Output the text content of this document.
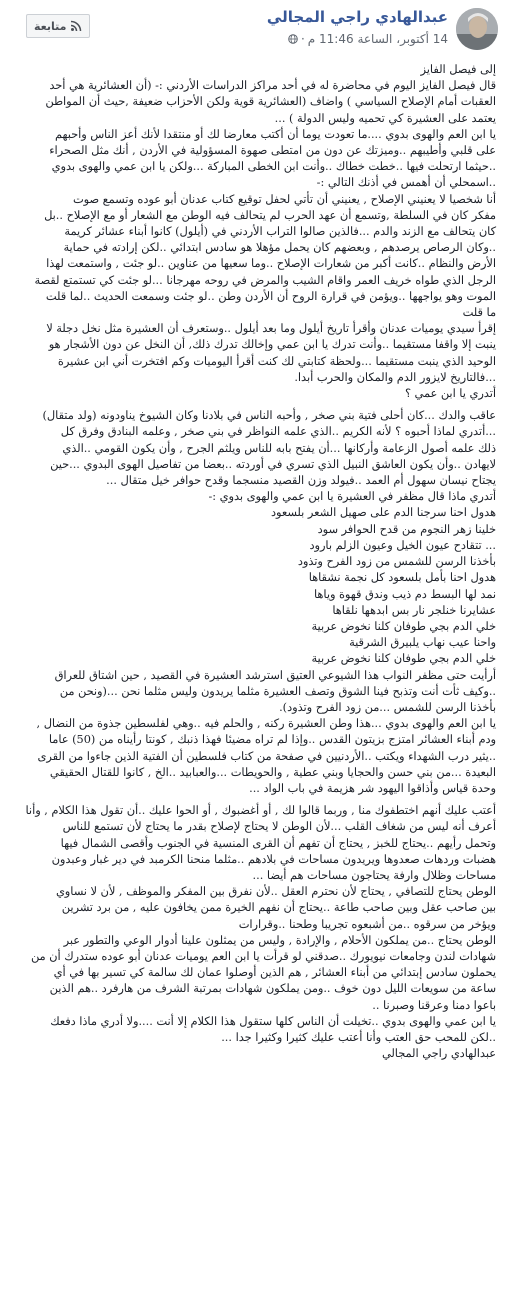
عبدالهادي راجي المجالي
14 أكتوبر، الساعة 11:46 م
·
متابعة

إلى فيصل الفايز

قال فيصل الفايز اليوم في محاضرة له في أحد مراكز الدراسات الأردني :- (أن العشائرية هي أحد

العقبات أمام الإصلاح السياسي ) واضاف (العشائرية قوية ولكن الأحزاب ضعيفة ,حيث أن المواطن

يعتمد على العشيرة كي تحميه وليس الدولة ) ...

يا ابن العم والهوى بدوي ....ما تعودت يوما أن أكتب معارضا لك أو منتقدا لأنك أعز الناس وأحبهم

على قلبي وأطيبهم ..وميزتك عن دون من امتطى صهوة المسؤولية في الأردن , أنك مثل الصحراء

..حيثما ارتحلت فيها ..خطت خطاك ..وأنت ابن الخطى المباركة ...ولكن يا ابن عمي والهوى بدوي

..اسمحلي أن أهمس في أذنك التالي :-

أنا شخصيا لا يعنيني الإصلاح , يعنيني أن تأتي لحفل توقيع كتاب عدنان أبو عوده وتسمع صوت

مفكر كان في السلطة ,وتسمع أن عهد الحرب لم يتحالف فيه الوطن مع الشعار أو مع الإصلاح ..بل

كان يتحالف مع الزند والدم ...فالذين صالوا التراب الأردني في (أيلول) كانوا أبناء عشائر كريمة

..وكان الرصاص يرصدهم , وبعضهم كان يحمل مؤهلا هو سادس ابتدائي ..لكن إرادته في حماية

الأرض والنظام ..كانت أكبر من شعارات الإصلاح ..وما سعيها من عناوين ..لو جئت , واستمعت لهذا

الرجل الذي طواه خريف العمر واقام الشيب والمرض في روحه مهرجانا ...لو جئت كي تستمتع لقصة

الموت وهو يواجهها ..ويؤمن في قرارة الروح أن الأردن وطن ..لو جئت وسمعت الحديث ..لما قلت

ما قلت

إقرأ سيدي يوميات عدنان وأقرأ تاريخ أيلول وما بعد أيلول ..وستعرف أن العشيرة مثل نخل دجلة لا

ينبت إلا واقفا مستقيما ..وأنت تدرك يا ابن عمي وإخالك تدرك ذلك, أن النخل عن دون الأشجار هو

الوحيد الذي ينبت مستقيما ...ولحظة كتابتي لك كنت أقرأ اليوميات وكم افتخرت أني ابن عشيرة

...فالتاريخ لايزور الدم والمكان والحرب أبدا.

أتدري يا ابن عمي ؟

عاقب والدك ...كان أحلى فتية بني صخر , وأحبه الناس في بلادنا وكان الشيوخ يناودونه (ولد متقال)

...أتدري لماذا أحبوه ؟ لأنه الكريم ..الذي علمه النواظر في بني صخر , وعلمه البنادق وفرق كل

ذلك علمه أصول الزعامة وأركانها ...أن يفتح بابه للناس ويلثم الجرح , وأن يكون القومي ..الذي

لايهادن ..وأن يكون العاشق النبيل الذي تسري في أوردته ..بعضا من تفاصيل الهوى البدوي ...حين

يجتاح نيسان سهول أم العمد ..فيولد وزن القصيد منسجما وقدح حوافر خيل متقال ...

أتدري ماذا قال مظفر في العشيرة يا ابن عمي والهوى بدوي :-

هدول احنا سرجنا الدم على صهيل الشعر بلسعود

خلينا زهر النجوم من قدح الحوافر سود

... تتقادح عيون الخيل وعيون الزلم بارود

بأخذنا الرسن للشمس من زود الفرح وتذود

هدول احنا بأمل بلسعود كل نجمة نشقاها

نمد لها البسط دم ذيب وندق قهوة وياها

عشايرنا خنلجر نار بس ابدهها نلقاها

خلي الدم بجي طوفان كلنا نخوض عربية

واحنا عيب نهاب يلبيرق الشرقية

خلي الدم بجي طوفان كلنا نخوض عربية

أرأيت حتى مظفر النواب هذا الشيوعي العتيق استرشد العشيرة في القصيد , حين اشتاق للعراق

..وكيف ثأت أنت وتذبح فينا الشوق وتصف العشيرة مثلما يريدون وليس مثلما نحن ...(ونحن من

بأخذنا الرسن للشمس ...من زود الفرح وتذود).

يا ابن العم والهوى بدوي ...هذا وطن العشيرة ركنه , والحلم فيه ..وهي لفلسطين جذوة من النضال ,

ودم أبناء العشائر امتزج بزيتون القدس ..وإذا لم تراه مضيئا فهذا ذنبك , كونتا رأيناه من (50) عاما

..يثير درب الشهداء ويكتب ..الأردنيين في صفحة من كتاب فلسطين أن الفتية الذين جاءوا من القرى

البعيدة ...من بني حسن والحجايا وبني عطية , والحويطات ...والعبابيد ..الخ , كانوا للقتال الحقيقي

وحدة قياس وأذاقوا اليهود شر هزيمة في باب الواد ...

أعتب عليك أنهم اختطفوك منا , وربما قالوا لك , أو أغضبوك , أو الحوا عليك ..أن تقول هذا الكلام , وأنا

أعرف أنه ليس من شغاف القلب ...لأن الوطن لا يحتاج لإصلاح بقدر ما يحتاج لأن تستمع للناس

وتحمل رأيهم ..يحتاج للخبز , يحتاج أن تفهم أن القرى المنسية في الجنوب وأقصى الشمال فيها

هضبات وردهات صعدوها ويريدون مساحات في بلادهم ..مثلما منحنا الكرمبد في دير غبار وعبدون

مساحات وظلال وارفة يحتاجون مساحات هم أيضا ...

الوطن يحتاج للتصافي , يحتاج لأن نحترم العقل ..لأن نفرق بين المفكر والموظف , لأن لا نساوي

بين صاحب عقل وبين صاحب طاعة ..يحتاج أن نفهم الخيرة ممن يخافون عليه , من برد تشرين

ويؤخر من سرقوه ..من أشبعوه تجريبا وطحنا ..وقرارات

الوطن يحتاج ..من يملكون الأحلام , والإرادة , وليس من يمثلون علينا أدوار الوعي والتطور عبر

شهادات لندن وجامعات نيويورك ..صدقني لو قرأت يا ابن العم يوميات عدنان أبو عوده ستدرك أن من

يحملون سادس إبتدائي من أبناء العشائر , هم الذين أوصلوا عمان لك سالمة كي تسير بها في أي

ساعة من سويعات الليل دون خوف ..ومن يملكون شهادات بمرتبة الشرف من هارفرد ..هم الذين

باعوا دمنا وعرقنا وصبرنا ..

يا ابن عمي والهوى بدوي ..تخيلت أن الناس كلها ستقول هذا الكلام إلا أنت ....ولا أدري ماذا دفعك

..لكن للمحب حق العتب وأنا أعتب عليك كثيرا وكثيرا جدا ...

عبدالهادي راجي المجالي
